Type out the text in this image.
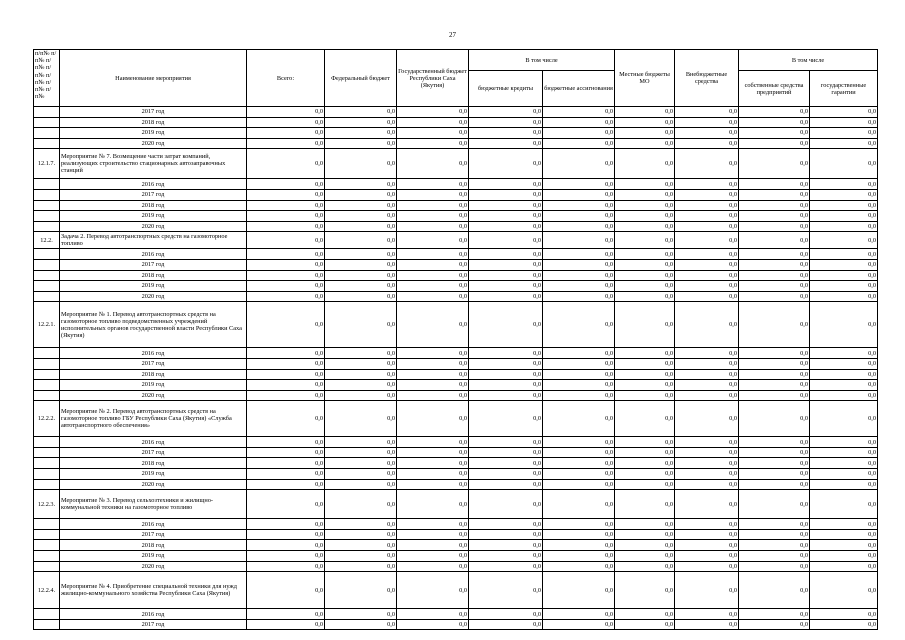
27
п/п№ п/п№ п/п№ п/п№ п/п№ п/п№ п/п№	Наименование мероприятия	Всего:	Федеральный бюджет	Государственный бюджет Республики Саха (Якутия)	В том числе		Местные бюджеты МО	Внебюджетные средства	В том числе	
					бюджетные кредиты	бюджетные ассигнования			собственные средства предприятий	государственные гарантии
	2017 год	0,0	0,0	0,0	0,0	0,0	0,0	0,0	0,0	0,0
	2018 год	0,0	0,0	0,0	0,0	0,0	0,0	0,0	0,0	0,0
	2019 год	0,0	0,0	0,0	0,0	0,0	0,0	0,0	0,0	0,0
	2020 год	0,0	0,0	0,0	0,0	0,0	0,0	0,0	0,0	0,0
12.1.7.	Мероприятие № 7. Возмещение части затрат компаний, реализующих строительство стационарных автозаправочных станций	0,0	0,0	0,0	0,0	0,0	0,0	0,0	0,0	0,0
	2016 год	0,0	0,0	0,0	0,0	0,0	0,0	0,0	0,0	0,0
	2017 год	0,0	0,0	0,0	0,0	0,0	0,0	0,0	0,0	0,0
	2018 год	0,0	0,0	0,0	0,0	0,0	0,0	0,0	0,0	0,0
	2019 год	0,0	0,0	0,0	0,0	0,0	0,0	0,0	0,0	0,0
	2020 год	0,0	0,0	0,0	0,0	0,0	0,0	0,0	0,0	0,0
12.2.	Задача 2. Перевод автотранспортных средств на газомоторное топливо	0,0	0,0	0,0	0,0	0,0	0,0	0,0	0,0	0,0
	2016 год	0,0	0,0	0,0	0,0	0,0	0,0	0,0	0,0	0,0
	2017 год	0,0	0,0	0,0	0,0	0,0	0,0	0,0	0,0	0,0
	2018 год	0,0	0,0	0,0	0,0	0,0	0,0	0,0	0,0	0,0
	2019 год	0,0	0,0	0,0	0,0	0,0	0,0	0,0	0,0	0,0
	2020 год	0,0	0,0	0,0	0,0	0,0	0,0	0,0	0,0	0,0
12.2.1.	Мероприятие № 1. Перевод автотранспортных средств на газомоторное топливо подведомственных учреждений исполнительных органов государственной власти Республики Саха (Якутия)	0,0	0,0	0,0	0,0	0,0	0,0	0,0	0,0	0,0
	2016 год	0,0	0,0	0,0	0,0	0,0	0,0	0,0	0,0	0,0
	2017 год	0,0	0,0	0,0	0,0	0,0	0,0	0,0	0,0	0,0
	2018 год	0,0	0,0	0,0	0,0	0,0	0,0	0,0	0,0	0,0
	2019 год	0,0	0,0	0,0	0,0	0,0	0,0	0,0	0,0	0,0
	2020 год	0,0	0,0	0,0	0,0	0,0	0,0	0,0	0,0	0,0
12.2.2.	Мероприятие № 2. Перевод автотранспортных средств на газомоторное топливо ГБУ Республики Саха (Якутия) «Служба автотранспортного обеспечения»	0,0	0,0	0,0	0,0	0,0	0,0	0,0	0,0	0,0
	2016 год	0,0	0,0	0,0	0,0	0,0	0,0	0,0	0,0	0,0
	2017 год	0,0	0,0	0,0	0,0	0,0	0,0	0,0	0,0	0,0
	2018 год	0,0	0,0	0,0	0,0	0,0	0,0	0,0	0,0	0,0
	2019 год	0,0	0,0	0,0	0,0	0,0	0,0	0,0	0,0	0,0
	2020 год	0,0	0,0	0,0	0,0	0,0	0,0	0,0	0,0	0,0
12.2.3.	Мероприятие № 3. Перевод сельхозтехники и жилищно-коммунальной техники на газомоторное топливо	0,0	0,0	0,0	0,0	0,0	0,0	0,0	0,0	0,0
	2016 год	0,0	0,0	0,0	0,0	0,0	0,0	0,0	0,0	0,0
	2017 год	0,0	0,0	0,0	0,0	0,0	0,0	0,0	0,0	0,0
	2018 год	0,0	0,0	0,0	0,0	0,0	0,0	0,0	0,0	0,0
	2019 год	0,0	0,0	0,0	0,0	0,0	0,0	0,0	0,0	0,0
	2020 год	0,0	0,0	0,0	0,0	0,0	0,0	0,0	0,0	0,0
12.2.4.	Мероприятие № 4. Приобретение специальной техники для нужд жилищно-коммунального хозяйства Республики Саха (Якутия)	0,0	0,0	0,0	0,0	0,0	0,0	0,0	0,0	0,0
	2016 год	0,0	0,0	0,0	0,0	0,0	0,0	0,0	0,0	0,0
	2017 год	0,0	0,0	0,0	0,0	0,0	0,0	0,0	0,0	0,0
